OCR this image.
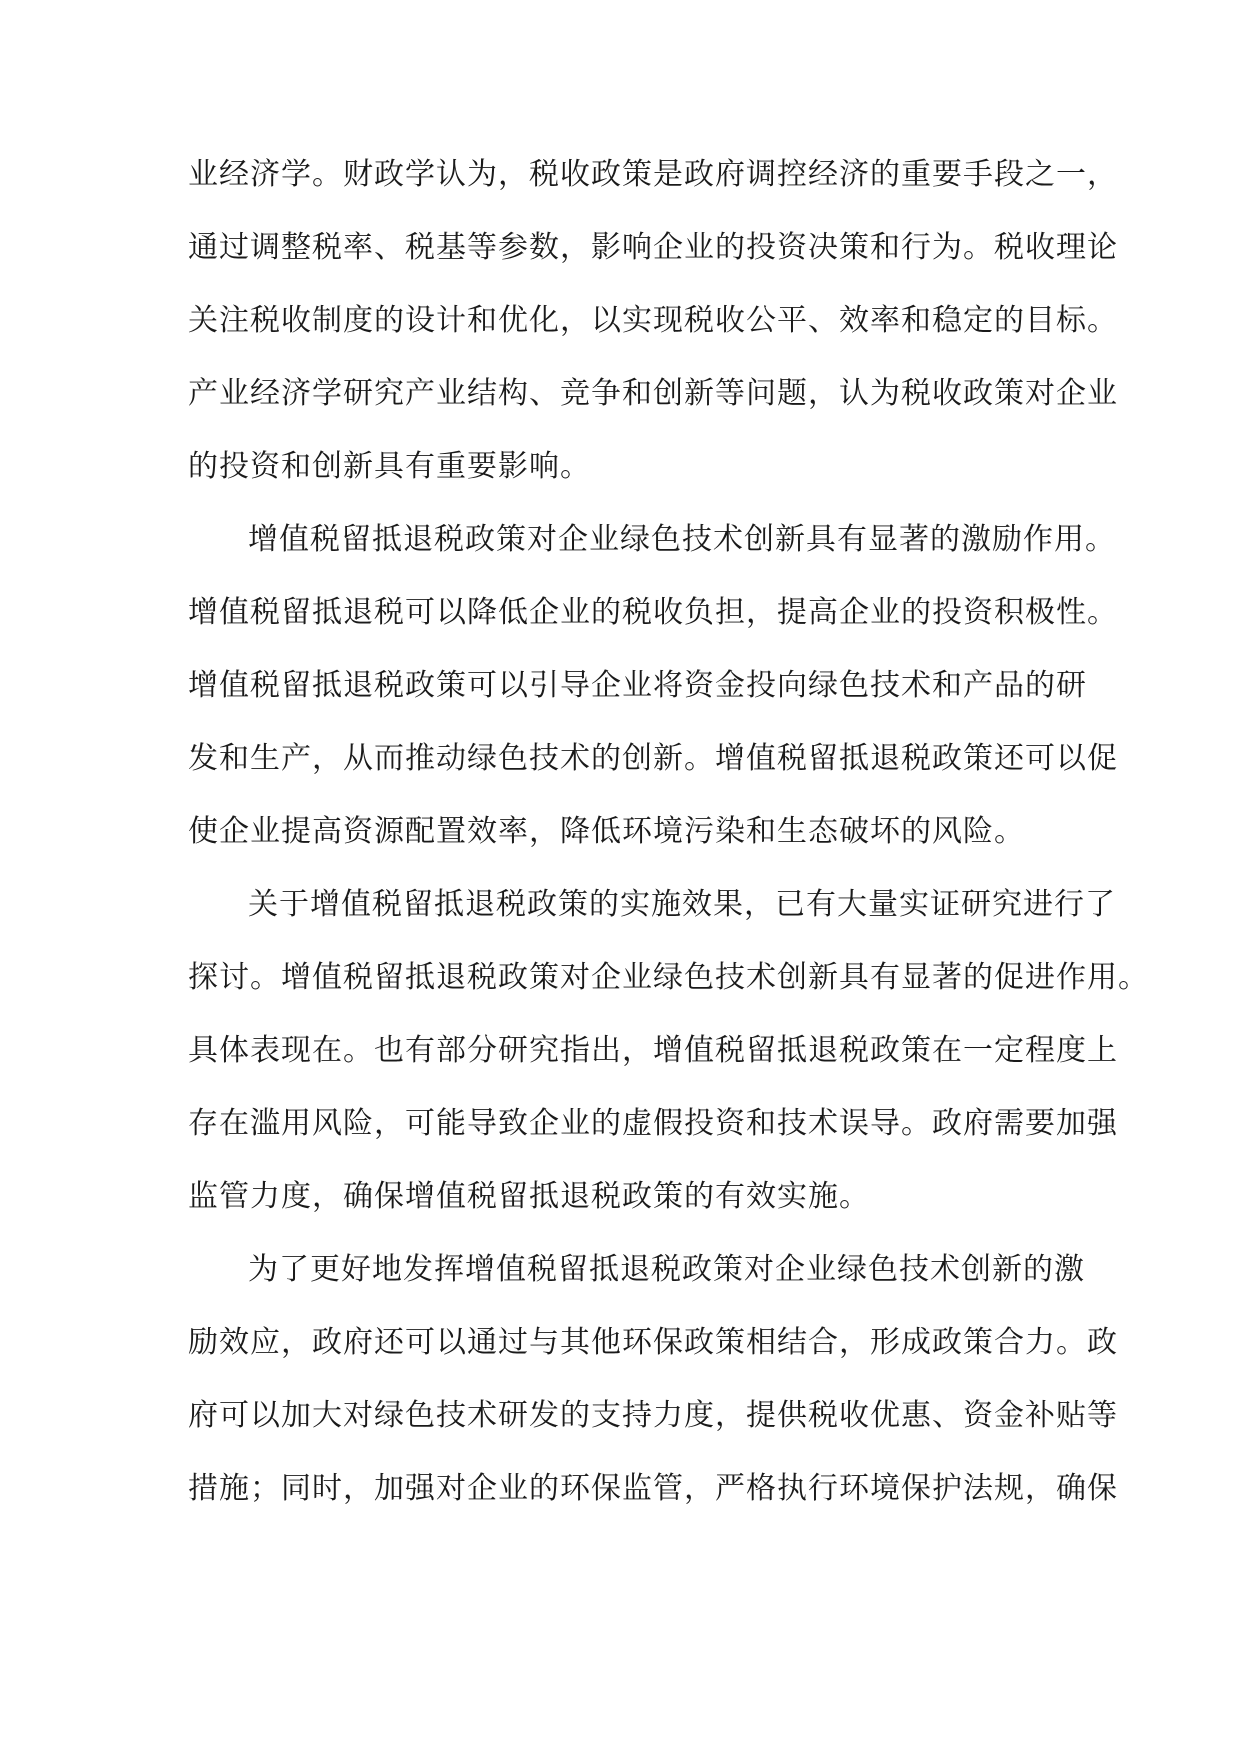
业经济学。财政学认为，税收政策是政府调控经济的重要手段之一，
通过调整税率、税基等参数，影响企业的投资决策和行为。税收理论
关注税收制度的设计和优化，以实现税收公平、效率和稳定的目标。
产业经济学研究产业结构、竞争和创新等问题，认为税收政策对企业
的投资和创新具有重要影响。
增值税留抵退税政策对企业绿色技术创新具有显著的激励作用。
增值税留抵退税可以降低企业的税收负担，提高企业的投资积极性。
增值税留抵退税政策可以引导企业将资金投向绿色技术和产品的研
发和生产，从而推动绿色技术的创新。增值税留抵退税政策还可以促
使企业提高资源配置效率，降低环境污染和生态破坏的风险。
关于增值税留抵退税政策的实施效果，已有大量实证研究进行了
探讨。增值税留抵退税政策对企业绿色技术创新具有显著的促进作用。
具体表现在。也有部分研究指出，增值税留抵退税政策在一定程度上
存在滥用风险，可能导致企业的虚假投资和技术误导。政府需要加强
监管力度，确保增值税留抵退税政策的有效实施。
为了更好地发挥增值税留抵退税政策对企业绿色技术创新的激
励效应，政府还可以通过与其他环保政策相结合，形成政策合力。政
府可以加大对绿色技术研发的支持力度，提供税收优惠、资金补贴等
措施；同时，加强对企业的环保监管，严格执行环境保护法规，确保
